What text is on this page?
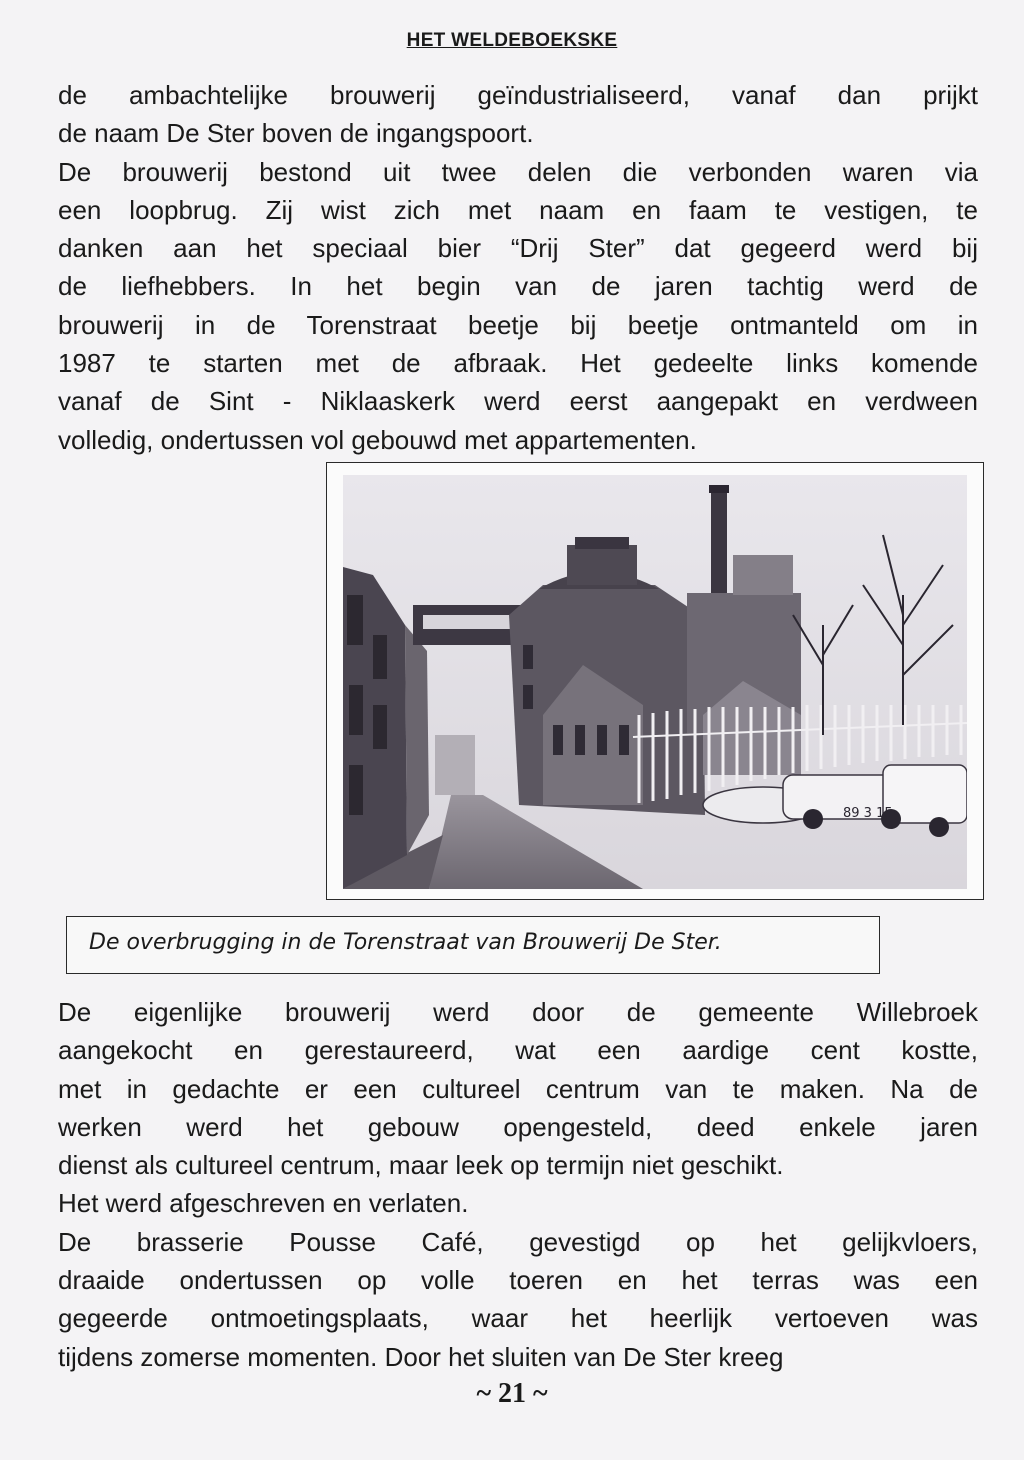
HET WELDEBOEKSKE
de ambachtelijke brouwerij geïndustrialiseerd, vanaf dan prijkt
de naam De Ster boven de ingangspoort.
De brouwerij bestond uit twee delen die verbonden waren via
een loopbrug. Zij wist zich met naam en faam te vestigen, te
danken aan het speciaal bier “Drij Ster” dat gegeerd werd bij
de liefhebbers. In het begin van de jaren tachtig werd de
brouwerij in de Torenstraat beetje bij beetje ontmanteld om in
1987 te starten met de afbraak. Het gedeelte links komende
vanaf de Sint - Niklaaskerk werd eerst aangepakt en verdween
volledig, ondertussen vol gebouwd met appartementen.
89 3 15
De overbrugging in de Torenstraat van Brouwerij De Ster.
De eigenlijke brouwerij werd door de gemeente Willebroek
aangekocht en gerestaureerd, wat een aardige cent kostte,
met in gedachte er een cultureel centrum van te maken. Na de
werken werd het gebouw opengesteld, deed enkele jaren
dienst als cultureel centrum, maar leek op termijn niet geschikt.
Het werd afgeschreven en verlaten.
De brasserie Pousse Café, gevestigd op het gelijkvloers,
draaide ondertussen op volle toeren en het terras was een
gegeerde ontmoetingsplaats, waar het heerlijk vertoeven was
tijdens zomerse momenten. Door het sluiten van De Ster kreeg
~ 21 ~
